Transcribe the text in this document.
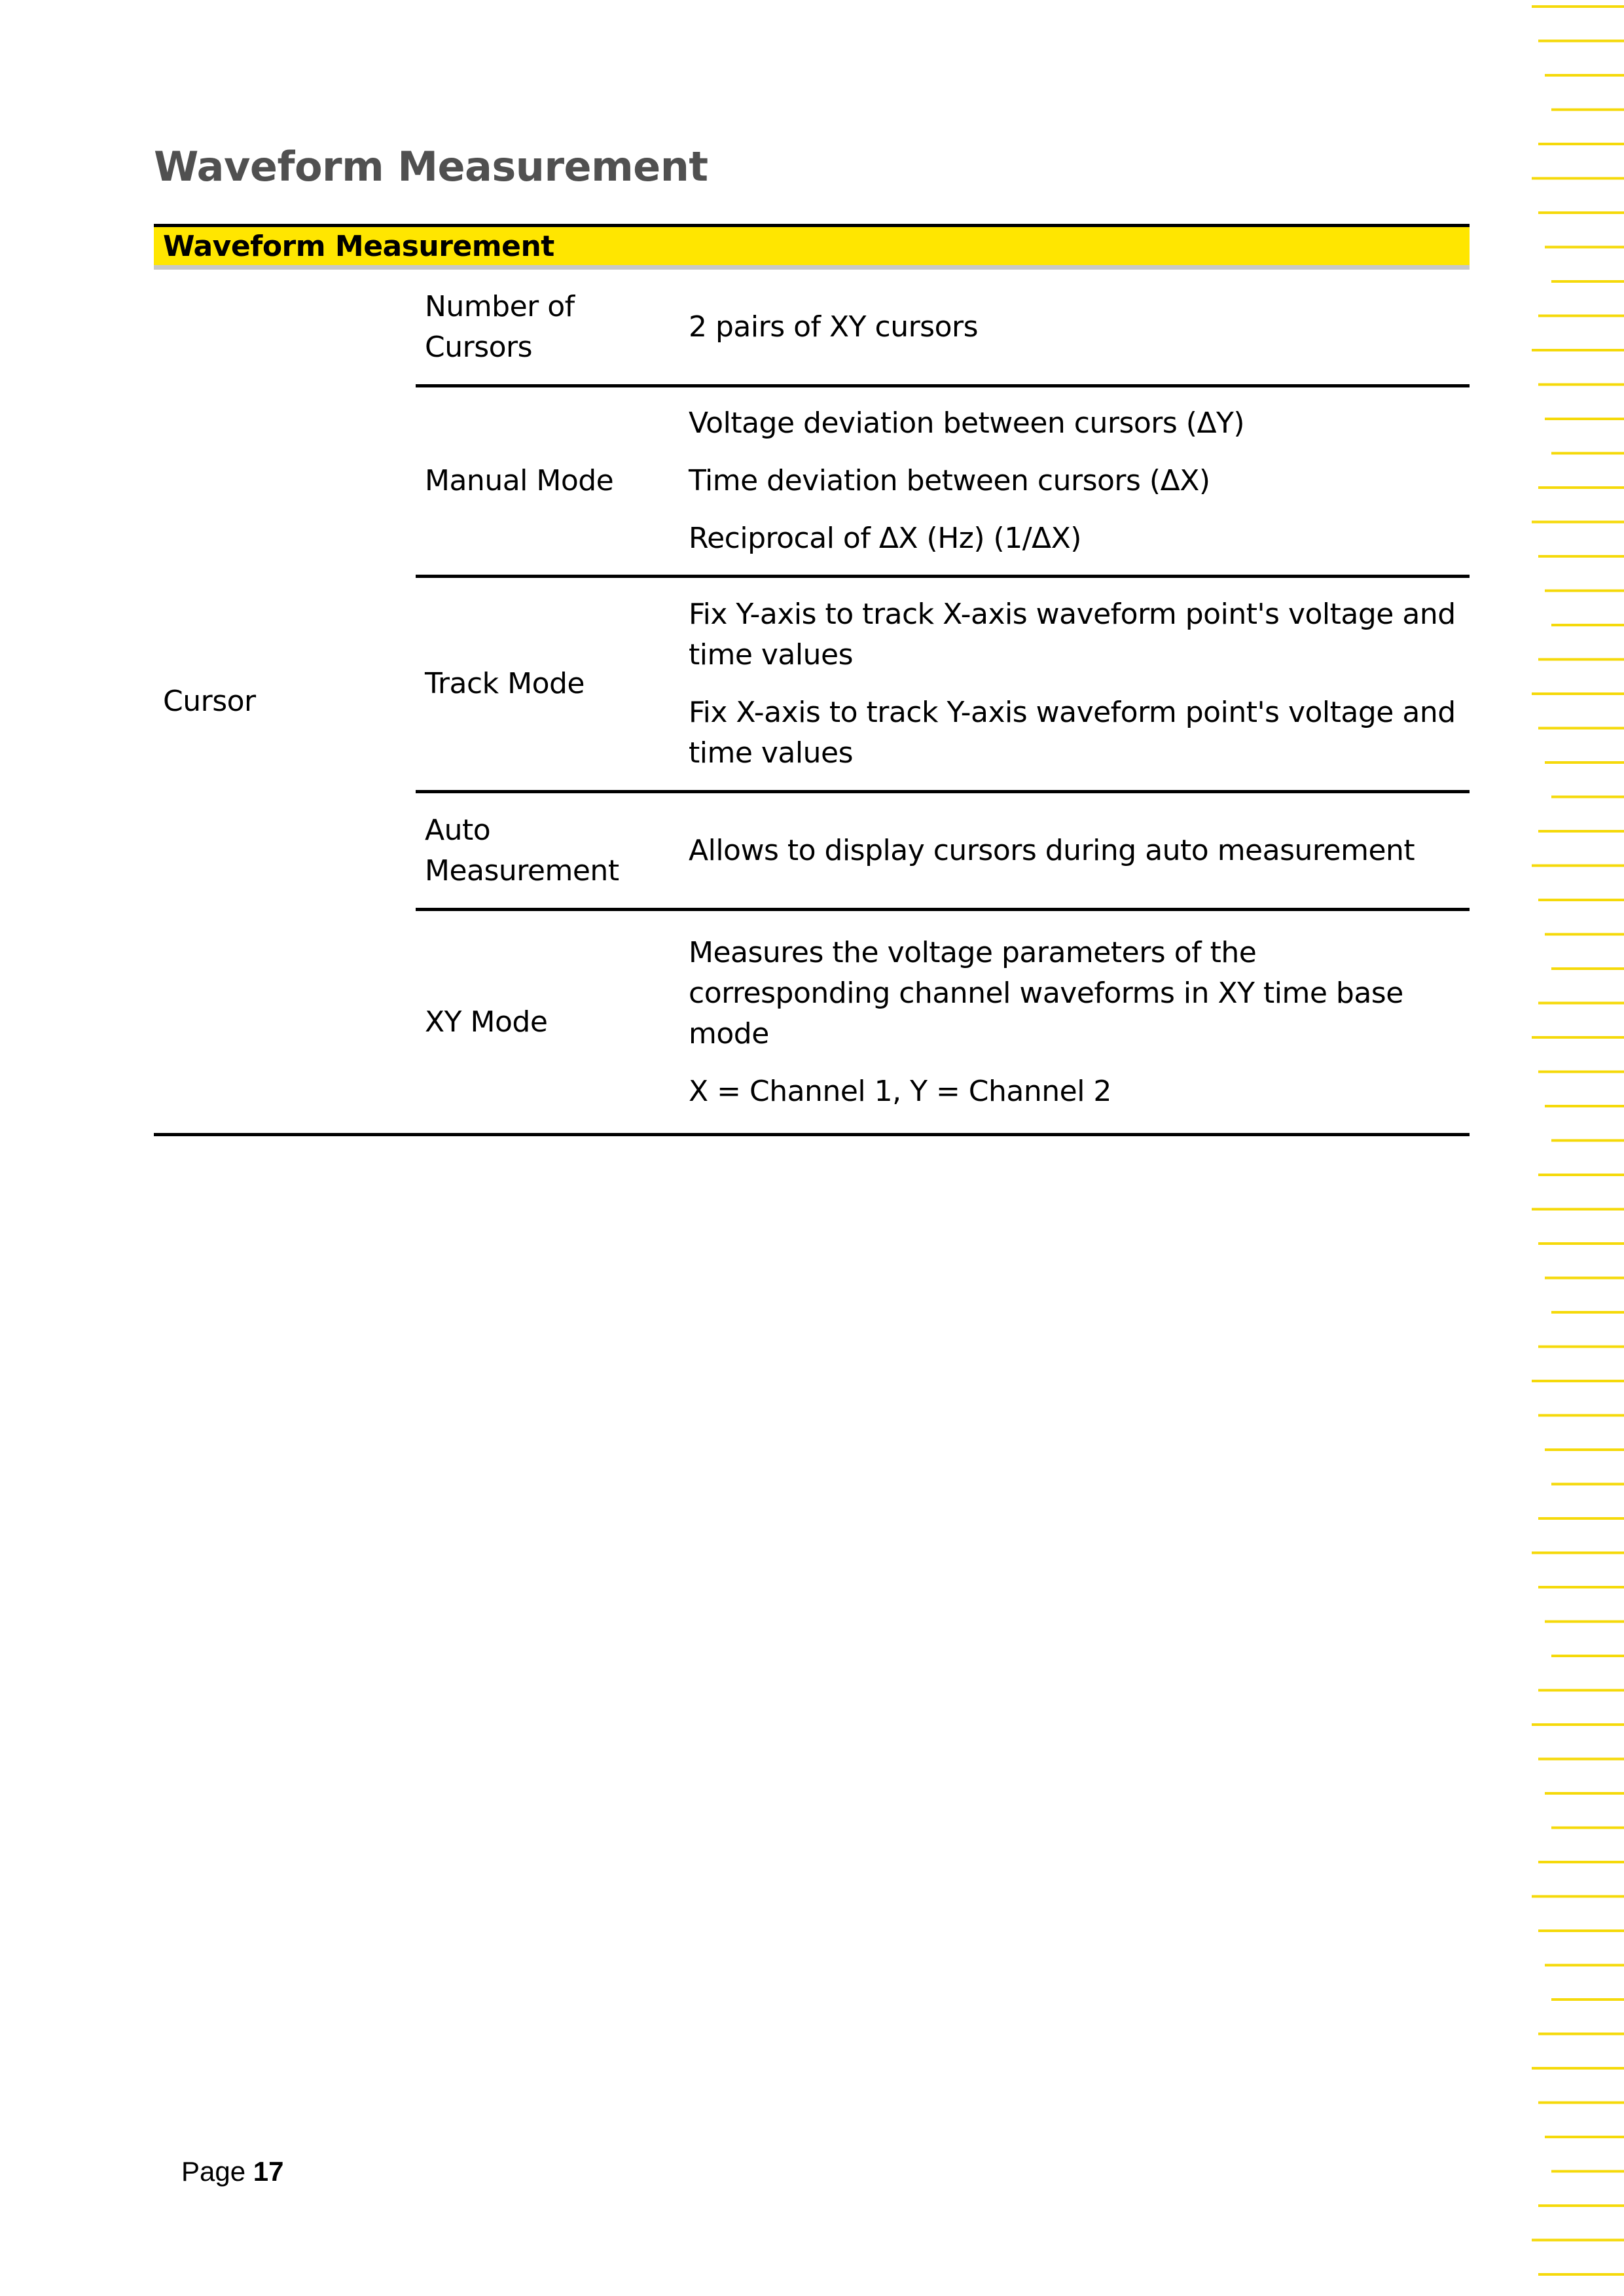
Waveform Measurement
Waveform Measurement
Cursor
Number of Cursors
2 pairs of XY cursors
Manual Mode
Voltage deviation between cursors (ΔY)
Time deviation between cursors (ΔX)
Reciprocal of ΔX (Hz) (1/ΔX)
Track Mode
Fix Y-axis to track X-axis waveform point's voltage and time values
Fix X-axis to track Y-axis waveform point's voltage and time values
Auto Measurement
Allows to display cursors during auto measurement
XY Mode
Measures the voltage parameters of the corresponding channel waveforms in XY time base mode
X = Channel 1, Y = Channel 2
Page 17
